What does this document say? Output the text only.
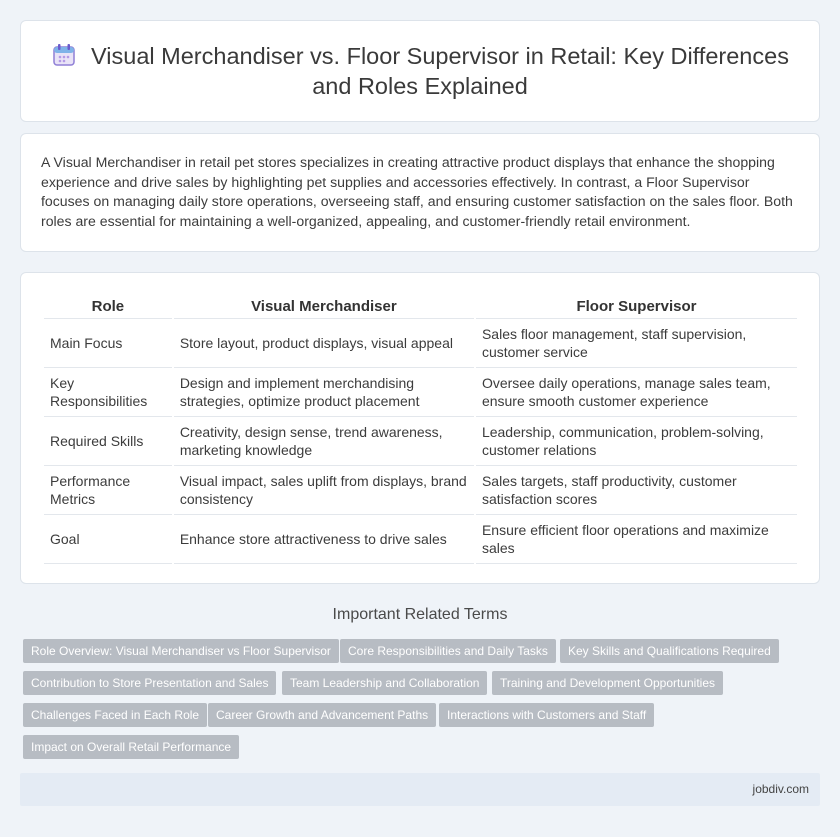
Visual Merchandiser vs. Floor Supervisor in Retail: Key Differences and Roles Explained

A Visual Merchandiser in retail pet stores specializes in creating attractive product displays that enhance the shopping experience and drive sales by highlighting pet supplies and accessories effectively. In contrast, a Floor Supervisor focuses on managing daily store operations, overseeing staff, and ensuring customer satisfaction on the sales floor. Both roles are essential for maintaining a well-organized, appealing, and customer-friendly retail environment.

Role	Visual Merchandiser	Floor Supervisor
Main Focus	Store layout, product displays, visual appeal	Sales floor management, staff supervision, customer service
Key Responsibilities	Design and implement merchandising strategies, optimize product placement	Oversee daily operations, manage sales team, ensure smooth customer experience
Required Skills	Creativity, design sense, trend awareness, marketing knowledge	Leadership, communication, problem-solving, customer relations
Performance Metrics	Visual impact, sales uplift from displays, brand consistency	Sales targets, staff productivity, customer satisfaction scores
Goal	Enhance store attractiveness to drive sales	Ensure efficient floor operations and maximize sales
Important Related Terms
Role Overview: Visual Merchandiser vs Floor Supervisor	Core Responsibilities and Daily Tasks	Key Skills and Qualifications Required
Contribution to Store Presentation and Sales	Team Leadership and Collaboration	Training and Development Opportunities
Challenges Faced in Each Role	Career Growth and Advancement Paths	Interactions with Customers and Staff
Impact on Overall Retail Performance
jobdiv.com
